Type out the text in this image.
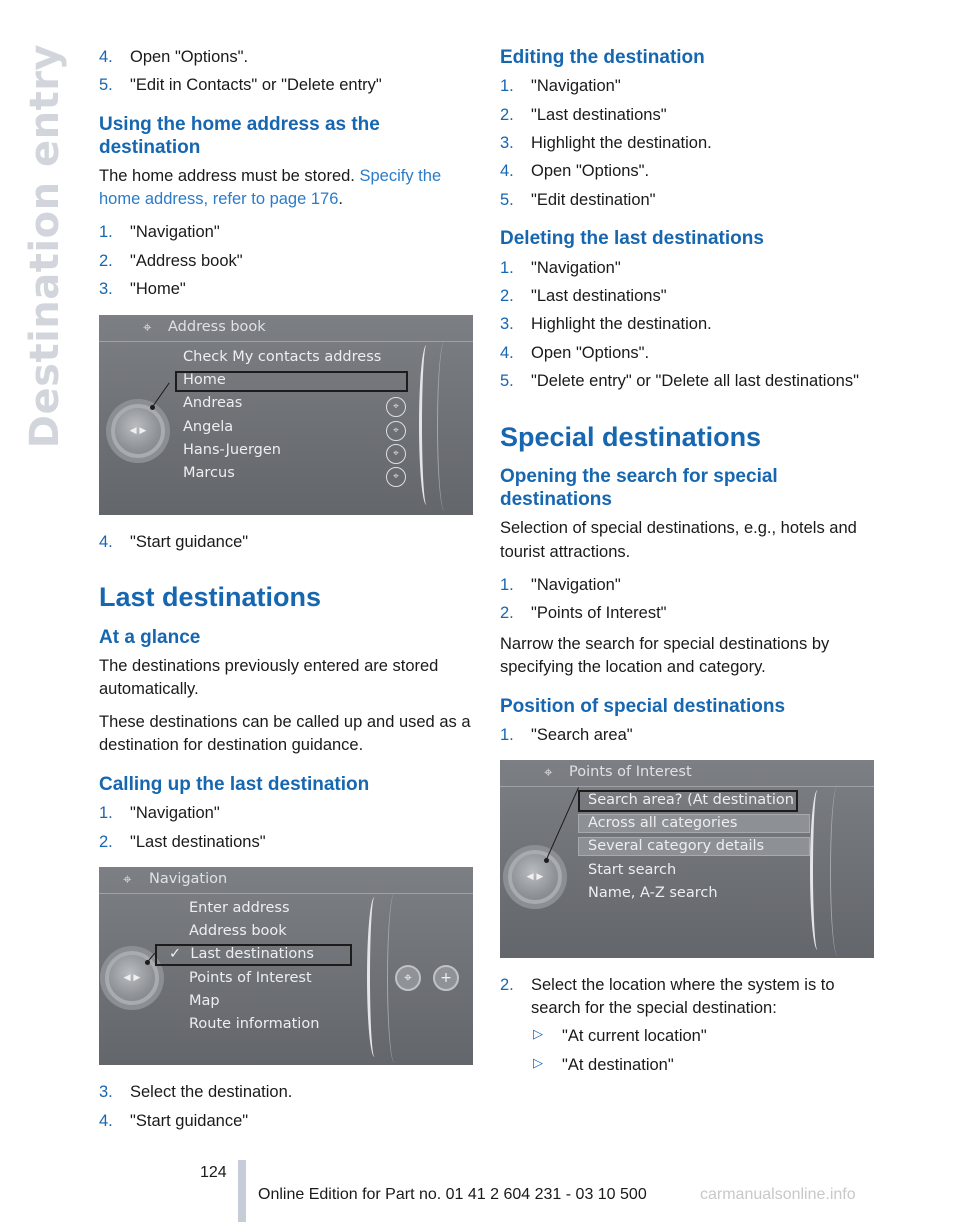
Destination entry 4. Open "Options".
5. "Edit in Contacts" or "Delete entry"
Using the home address as the destination

The home address must be stored. Specify the home address, refer to page 176.

1. "Navigation"
2. "Address book"
3. "Home"
⌖ Address book
◀ ▶
Check My contacts address
Home
Andreas
Angela
Hans-Juergen
Marcus
⌖
⌖
⌖
⌖
4. "Start guidance"
Last destinations
At a glance

The destinations previously entered are stored automatically.

These destinations can be called up and used as a destination for destination guidance.

Calling up the last destination
1. "Navigation"
2. "Last destinations"
⌖ Navigation
◀ ▶	⌖	+
Enter address
Address book
✓ Last destinations
Points of Interest
Map
Route information
3. Select the destination.
4. "Start guidance"
Editing the destination
1. "Navigation"
2. "Last destinations"
3. Highlight the destination.
4. Open "Options".
5. "Edit destination"
Deleting the last destinations
1. "Navigation"
2. "Last destinations"
3. Highlight the destination.
4. Open "Options".
5. "Delete entry" or "Delete all last destinations"
Special destinations
Opening the search for special destinations

Selection of special destinations, e.g., hotels and tourist attractions.

1. "Navigation"
2. "Points of Interest"

Narrow the search for special destinations by specifying the location and category.

Position of special destinations
1. "Search area"
⌖ Points of Interest
◀ ▶
Search area? (At destination
Across all categories
Several category details
Start search
Name, A-Z search
2. Select the location where the system is to search for the special destination:
▷ "At current location"
▷ "At destination"
124
Online Edition for Part no. 01 41 2 604 231 - 03 10 500	carmanualsonline.info
